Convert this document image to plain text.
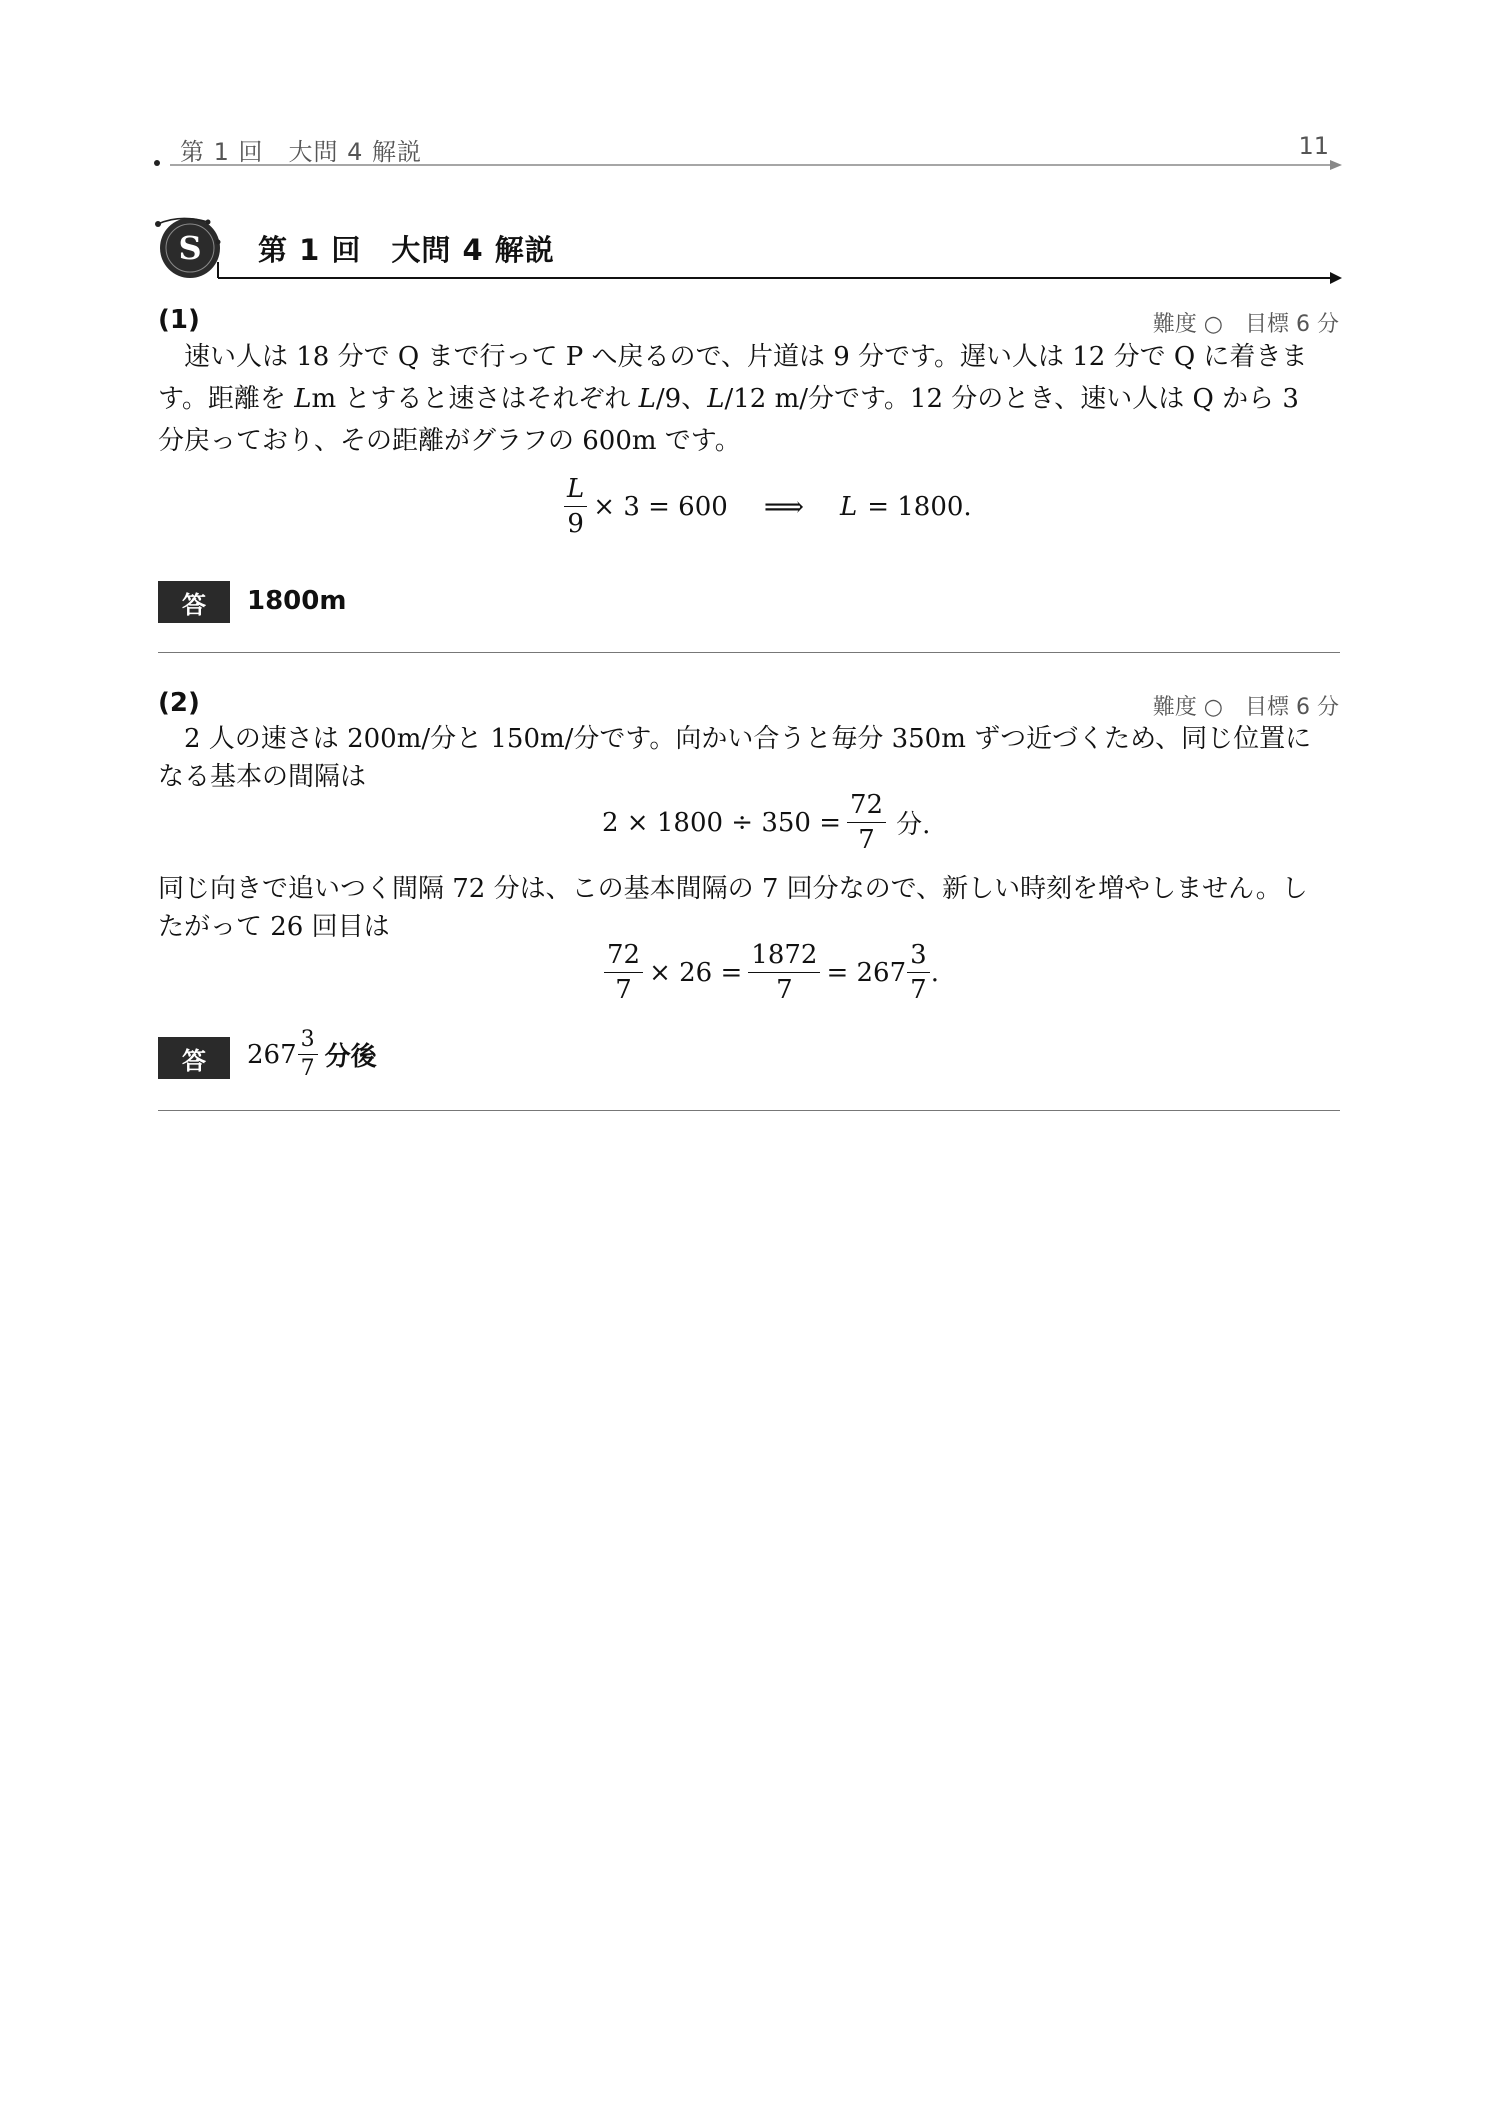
第 1 回　大問 4 解説	11
S 第 1 回　大問 4 解説
(1)	難度 ○　目標 6 分
速い人は 18 分で Q まで行って P へ戻るので、片道は 9 分です。遅い人は 12 分で Q に着きま
す。距離を Lm とすると速さはそれぞれ L/9、L/12 m/分です。12 分のとき、速い人は Q から 3
分戻っており、その距離がグラフの 600m です。
$\frac{L}{9} \times 3 = 600$ ⟹ L = 1800.
答	1800m
(2)	難度 ○　目標 6 分
2 人の速さは 200m/分と 150m/分です。向かい合うと毎分 350m ずつ近づくため、同じ位置に
なる基本の間隔は
$2 \times 1800 \div 350 = \frac{72}{7}$ 分.
同じ向きで追いつく間隔 72 分は、この基本間隔の 7 回分なので、新しい時刻を増やしません。し
たがって 26 回目は
$\frac{72}{7} \times 26 = \frac{1872}{7} = 267 \frac{3}{7}$ .
答	$267 \frac{3}{7}$ 分後
